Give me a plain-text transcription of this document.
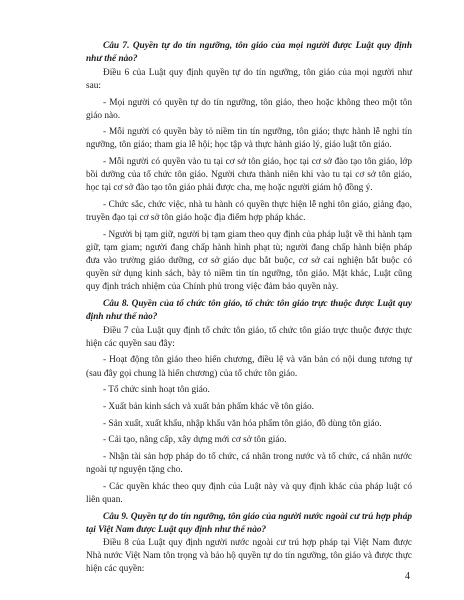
Câu 7. Quyền tự do tín ngưỡng, tôn giáo của mọi người được Luật quy định như thế nào?

Điều 6 của Luật quy định quyền tự do tín ngưỡng, tôn giáo của mọi người như sau:

- Mọi người có quyền tự do tín ngưỡng, tôn giáo, theo hoặc không theo một tôn giáo nào.

- Mỗi người có quyền bày tỏ niềm tin tín ngưỡng, tôn giáo; thực hành lễ nghi tín ngưỡng, tôn giáo; tham gia lễ hội; học tập và thực hành giáo lý, giáo luật tôn giáo.

- Mỗi người có quyền vào tu tại cơ sở tôn giáo, học tại cơ sở đào tạo tôn giáo, lớp bồi dưỡng của tổ chức tôn giáo. Người chưa thành niên khi vào tu tại cơ sở tôn giáo, học tại cơ sở đào tạo tôn giáo phải được cha, mẹ hoặc người giám hộ đồng ý.

- Chức sắc, chức việc, nhà tu hành có quyền thực hiện lễ nghi tôn giáo, giảng đạo, truyền đạo tại cơ sở tôn giáo hoặc địa điểm hợp pháp khác.

- Người bị tạm giữ, người bị tạm giam theo quy định của pháp luật về thi hành tạm giữ, tạm giam; người đang chấp hành hình phạt tù; người đang chấp hành biện pháp đưa vào trường giáo dưỡng, cơ sở giáo dục bắt buộc, cơ sở cai nghiện bắt buộc có quyền sử dụng kinh sách, bày tỏ niềm tin tín ngưỡng, tôn giáo. Mặt khác, Luật cũng quy định trách nhiệm của Chính phủ trong việc đảm bảo quyền này.

Câu 8. Quyền của tổ chức tôn giáo, tổ chức tôn giáo trực thuộc được Luật quy định như thế nào?

Điều 7 của Luật quy định tổ chức tôn giáo, tổ chức tôn giáo trực thuộc được thực hiện các quyền sau đây:

- Hoạt động tôn giáo theo hiến chương, điều lệ và văn bản có nội dung tương tự (sau đây gọi chung là hiến chương) của tổ chức tôn giáo.

- Tổ chức sinh hoạt tôn giáo.

- Xuất bản kinh sách và xuất bản phẩm khác về tôn giáo.

- Sản xuất, xuất khẩu, nhập khẩu văn hóa phẩm tôn giáo, đồ dùng tôn giáo.

- Cải tạo, nâng cấp, xây dựng mới cơ sở tôn giáo.

- Nhận tài sản hợp pháp do tổ chức, cá nhân trong nước và tổ chức, cá nhân nước ngoài tự nguyện tặng cho.

- Các quyền khác theo quy định của Luật này và quy định khác của pháp luật có liên quan.

Câu 9. Quyền tự do tín ngưỡng, tôn giáo của người nước ngoài cư trú hợp pháp tại Việt Nam được Luật quy định như thế nào?

Điều 8 của Luật quy định người nước ngoài cư trú hợp pháp tại Việt Nam được Nhà nước Việt Nam tôn trọng và bảo hộ quyền tự do tín ngưỡng, tôn giáo và được thực hiện các quyền:

4
